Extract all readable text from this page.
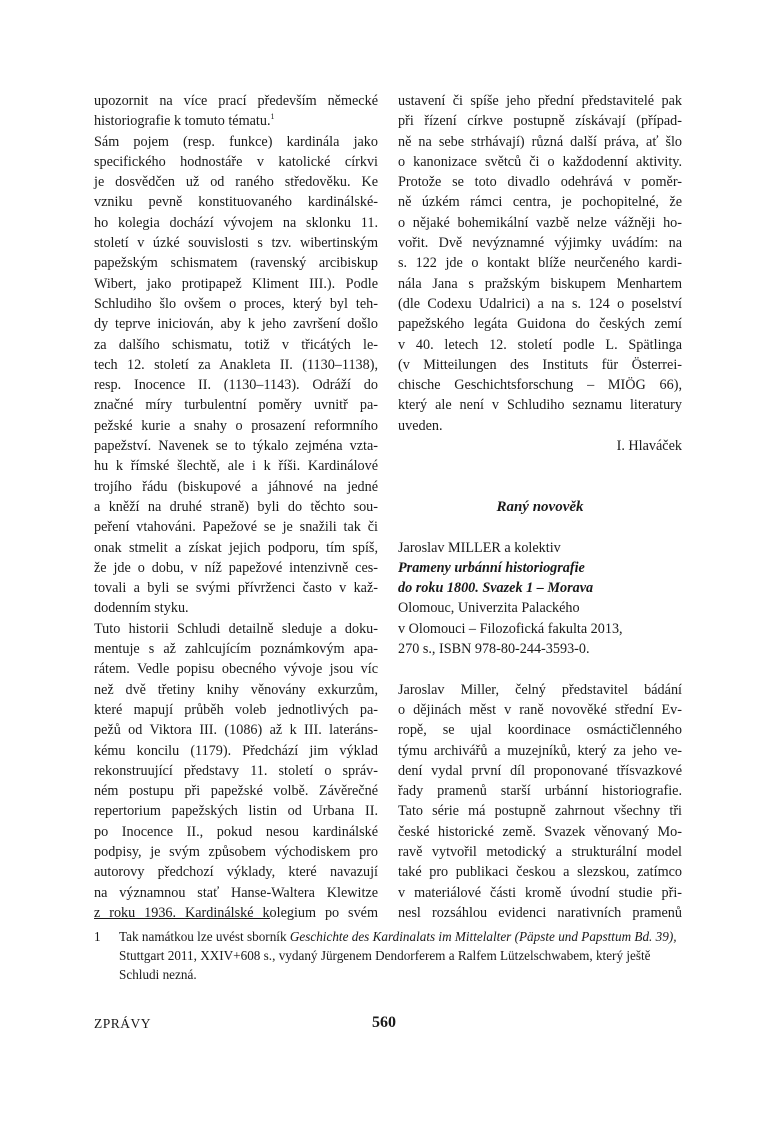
upozornit na více prací především německé
historiografie k tomuto tématu.$^1$
Sám pojem (resp. funkce) kardinála jako
specifického hodnostáře v katolické církvi
je dosvědčen už od raného středověku. Ke
vzniku pevně konstituovaného kardinálské-
ho kolegia dochází vývojem na sklonku 11.
století v úzké souvislosti s tzv. wibertinským
papežským schismatem (ravenský arcibiskup
Wibert, jako protipapež Kliment III.). Podle
Schludiho šlo ovšem o proces, který byl teh-
dy teprve iniciován, aby k jeho završení došlo
za dalšího schismatu, totiž v třicátých le-
tech 12. století za Anakleta II. (1130–1138),
resp. Inocence II. (1130–1143). Odráží do
značné míry turbulentní poměry uvnitř pa-
pežské kurie a snahy o prosazení reformního
papežství. Navenek se to týkalo zejména vzta-
hu k římské šlechtě, ale i k říši. Kardinálové
trojího řádu (biskupové a jáhnové na jedné
a kněží na druhé straně) byli do těchto sou-
peření vtahováni. Papežové se je snažili tak či
onak stmelit a získat jejich podporu, tím spíš,
že jde o dobu, v níž papežové intenzivně ces-
tovali a byli se svými přívrženci často v kaž-
dodenním styku.
Tuto historii Schludi detailně sleduje a doku-
mentuje s až zahlcujícím poznámkovým apa-
rátem. Vedle popisu obecného vývoje jsou víc
než dvě třetiny knihy věnovány exkurzům,
které mapují průběh voleb jednotlivých pa-
pežů od Viktora III. (1086) až k III. lateráns-
kému koncilu (1179). Předchází jim výklad
rekonstruující představy 11. století o správ-
ném postupu při papežské volbě. Závěrečné
repertorium papežských listin od Urbana II.
po Inocence II., pokud nesou kardinálské
podpisy, je svým způsobem východiskem pro
autorovy předchozí výklady, které navazují
na významnou stať Hanse-Waltera Klewitze
z roku 1936. Kardinálské kolegium po svém
ustavení či spíše jeho přední představitelé pak
při řízení církve postupně získávají (případ-
ně na sebe strhávají) různá další práva, ať šlo
o kanonizace světců či o každodenní aktivity.
Protože se toto divadlo odehrává v poměr-
ně úzkém rámci centra, je pochopitelné, že
o nějaké bohemikální vazbě nelze vážněji ho-
vořit. Dvě nevýznamné výjimky uvádím: na
s. 122 jde o kontakt blíže neurčeného kardi-
nála Jana s pražským biskupem Menhartem
(dle Codexu Udalrici) a na s. 124 o poselství
papežského legáta Guidona do českých zemí
v 40. letech 12. století podle L. Spätlinga
(v Mitteilungen des Instituts für Österrei-
chische Geschichtsforschung – MIÖG 66),
který ale není v Schludiho seznamu literatury
uveden.
I. Hlaváček
Raný novověk
Jaroslav MILLER a kolektiv
Prameny urbánní historiografie
do roku 1800. Svazek 1 – Morava
Olomouc, Univerzita Palackého
v Olomouci – Filozofická fakulta 2013,
270 s., ISBN 978-80-244-3593-0.
Jaroslav Miller, čelný představitel bádání
o dějinách měst v raně novověké střední Ev-
ropě, se ujal koordinace osmáctičlenného
týmu archivářů a muzejníků, který za jeho ve-
dení vydal první díl proponované třísvazkové
řady pramenů starší urbánní historiografie.
Tato série má postupně zahrnout všechny tři
české historické země. Svazek věnovaný Mo-
ravě vytvořil metodický a strukturální model
také pro publikaci českou a slezskou, zatímco
v materiálové části kromě úvodní studie při-
nesl rozsáhlou evidenci narativních pramenů
1 Tak namátkou lze uvést sborník Geschichte des Kardinalats im Mittelalter (Päpste und Papsttum Bd. 39), Stuttgart 2011, XXIV+608 s., vydaný Jürgenem Dendorferem a Ralfem Lützelschwabem, který ještě Schludi nezná.
ZPRÁVY	560
